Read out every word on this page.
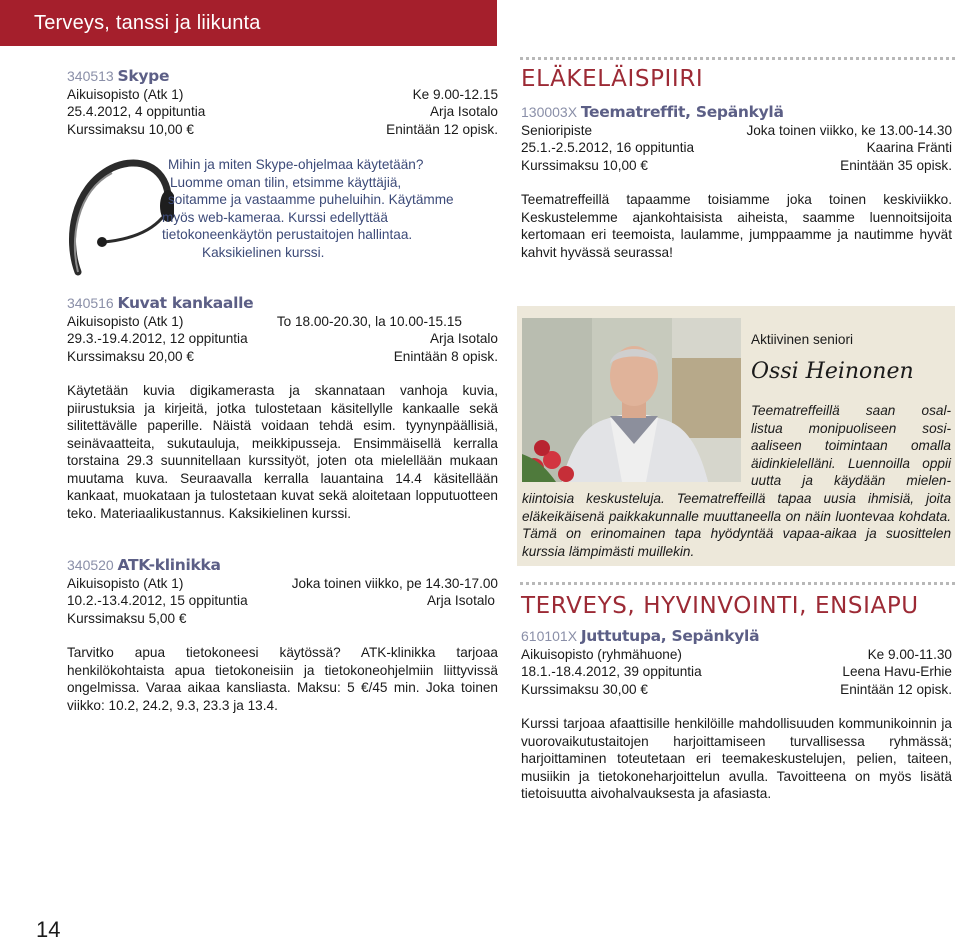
Terveys, tanssi ja liikunta
340513 Skype
Aikuisopisto (Atk 1)	Ke 9.00-12.15
25.4.2012, 4 oppituntia	Arja Isotalo
Kurssimaksu 10,00 €	Enintään 12 opisk.
Mihin ja miten Skype-ohjelmaa käytetään?
Luomme oman tilin, etsimme käyttäjiä,
soitamme ja vastaamme puheluihin. Käytämme
myös web-kameraa. Kurssi edellyttää
tietokoneenkäytön perustaitojen hallintaa.
Kaksikielinen kurssi.
340516 Kuvat kankaalle
Aikuisopisto (Atk 1)	To 18.00-20.30, la 10.00-15.15
29.3.-19.4.2012, 12 oppituntia	Arja Isotalo
Kurssimaksu 20,00 €	Enintään 8 opisk.
Käytetään kuvia digikamerasta ja skannataan vanhoja kuvia, piirustuksia ja kirjeitä, jotka tulostetaan käsitellylle kankaalle sekä silitettävälle paperille. Näistä voidaan tehdä esim. tyynynpäällisiä, seinävaatteita, sukutauluja, meikkipusseja. Ensimmäisellä kerralla torstaina 29.3 suunnitellaan kurssityöt, joten ota mielellään mukaan muutama kuva. Seuraavalla kerralla lauantaina 14.4 käsitellään kankaat, muokataan ja tulostetaan kuvat sekä aloitetaan lopputuotteen teko. Materiaalikustannus. Kaksikielinen kurssi.
340520 ATK-klinikka
Aikuisopisto (Atk 1)	Joka toinen viikko, pe 14.30-17.00
10.2.-13.4.2012, 15 oppituntia	Arja Isotalo
Kurssimaksu 5,00 €
Tarvitko apua tietokoneesi käytössä? ATK-klinikka tarjoaa henkilökohtaista apua tietokoneisiin ja tietokoneohjelmiin liittyvissä ongelmissa. Varaa aikaa kansliasta. Maksu: 5 €/45 min. Joka toinen viikko: 10.2, 24.2, 9.3, 23.3 ja 13.4.
ELÄKELÄISPIIRI
130003X Teematreffit, Sepänkylä
Senioripiste	Joka toinen viikko, ke 13.00-14.30
25.1.-2.5.2012, 16 oppituntia	Kaarina Fränti
Kurssimaksu 10,00 €	Enintään 35 opisk.
Teematreffeillä tapaamme toisiamme joka toinen keskiviikko. Keskustelemme ajankohtaisista aiheista, saamme luennoitsijoita kertomaan eri teemoista, laulamme, jumppaamme ja nautimme hyvät kahvit hyvässä seurassa!
Aktiivinen seniori
Ossi Heinonen
Teematreffeillä saan osal-
listua monipuoliseen sosi-
aaliseen toimintaan omalla
äidinkielelläni. Luennoilla oppii
uutta ja käydään mielen-
kiintoisia keskusteluja. Teematreffeillä tapaa uusia ihmisiä, joita eläkeikäisenä paikkakunnalle muuttaneella on näin luontevaa kohdata. Tämä on erinomainen tapa hyödyntää vapaa-aikaa ja suosittelen kurssia lämpimästi muillekin.
TERVEYS, HYVINVOINTI, ENSIAPU
610101X Juttutupa, Sepänkylä
Aikuisopisto (ryhmähuone)	Ke 9.00-11.30
18.1.-18.4.2012, 39 oppituntia	Leena Havu-Erhie
Kurssimaksu 30,00 €	Enintään 12 opisk.
Kurssi tarjoaa afaattisille henkilöille mahdollisuuden kommunikoinnin ja vuorovaikutustaitojen harjoittamiseen turvallisessa ryhmässä; harjoittaminen toteutetaan eri teemakeskustelujen, pelien, taiteen, musiikin ja tietokoneharjoittelun avulla. Tavoitteena on myös lisätä tietoisuutta aivohalvauksesta ja afasiasta.
14
